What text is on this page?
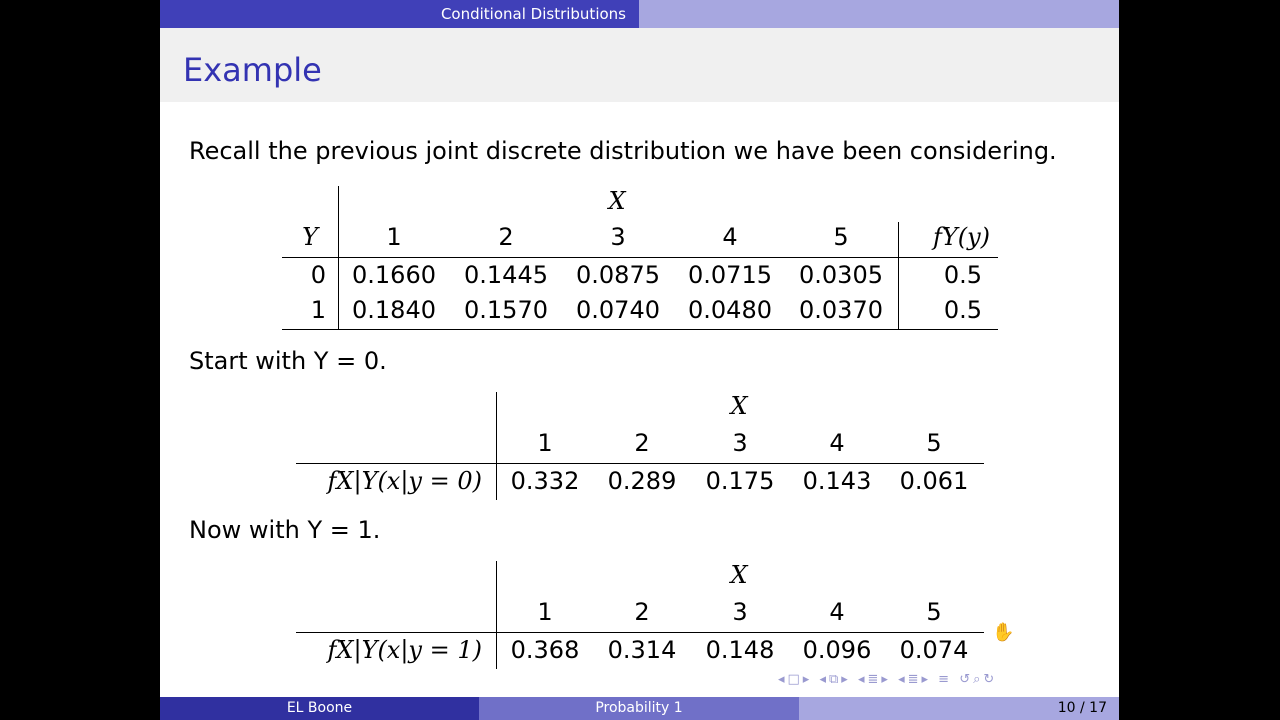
Conditional Distributions
Example
Recall the previous joint discrete distribution we have been considering.
X
Y	1	2	3	4	5	fY(y)
0	0.1660	0.1445	0.0875	0.0715	0.0305	0.5
1	0.1840	0.1570	0.0740	0.0480	0.0370	0.5
Start with Y = 0.
X
1	2	3	4	5
fX|Y(x|y = 0)	0.332	0.289	0.175	0.143	0.061
Now with Y = 1.
X
1	2	3	4	5
fX|Y(x|y = 1)	0.368	0.314	0.148	0.096	0.074
✋
◂□▸ ◂⧉▸ ◂≣▸ ◂≣▸ ≡ ↺⌕↻
EL Boone	Probability 1	10 / 17
